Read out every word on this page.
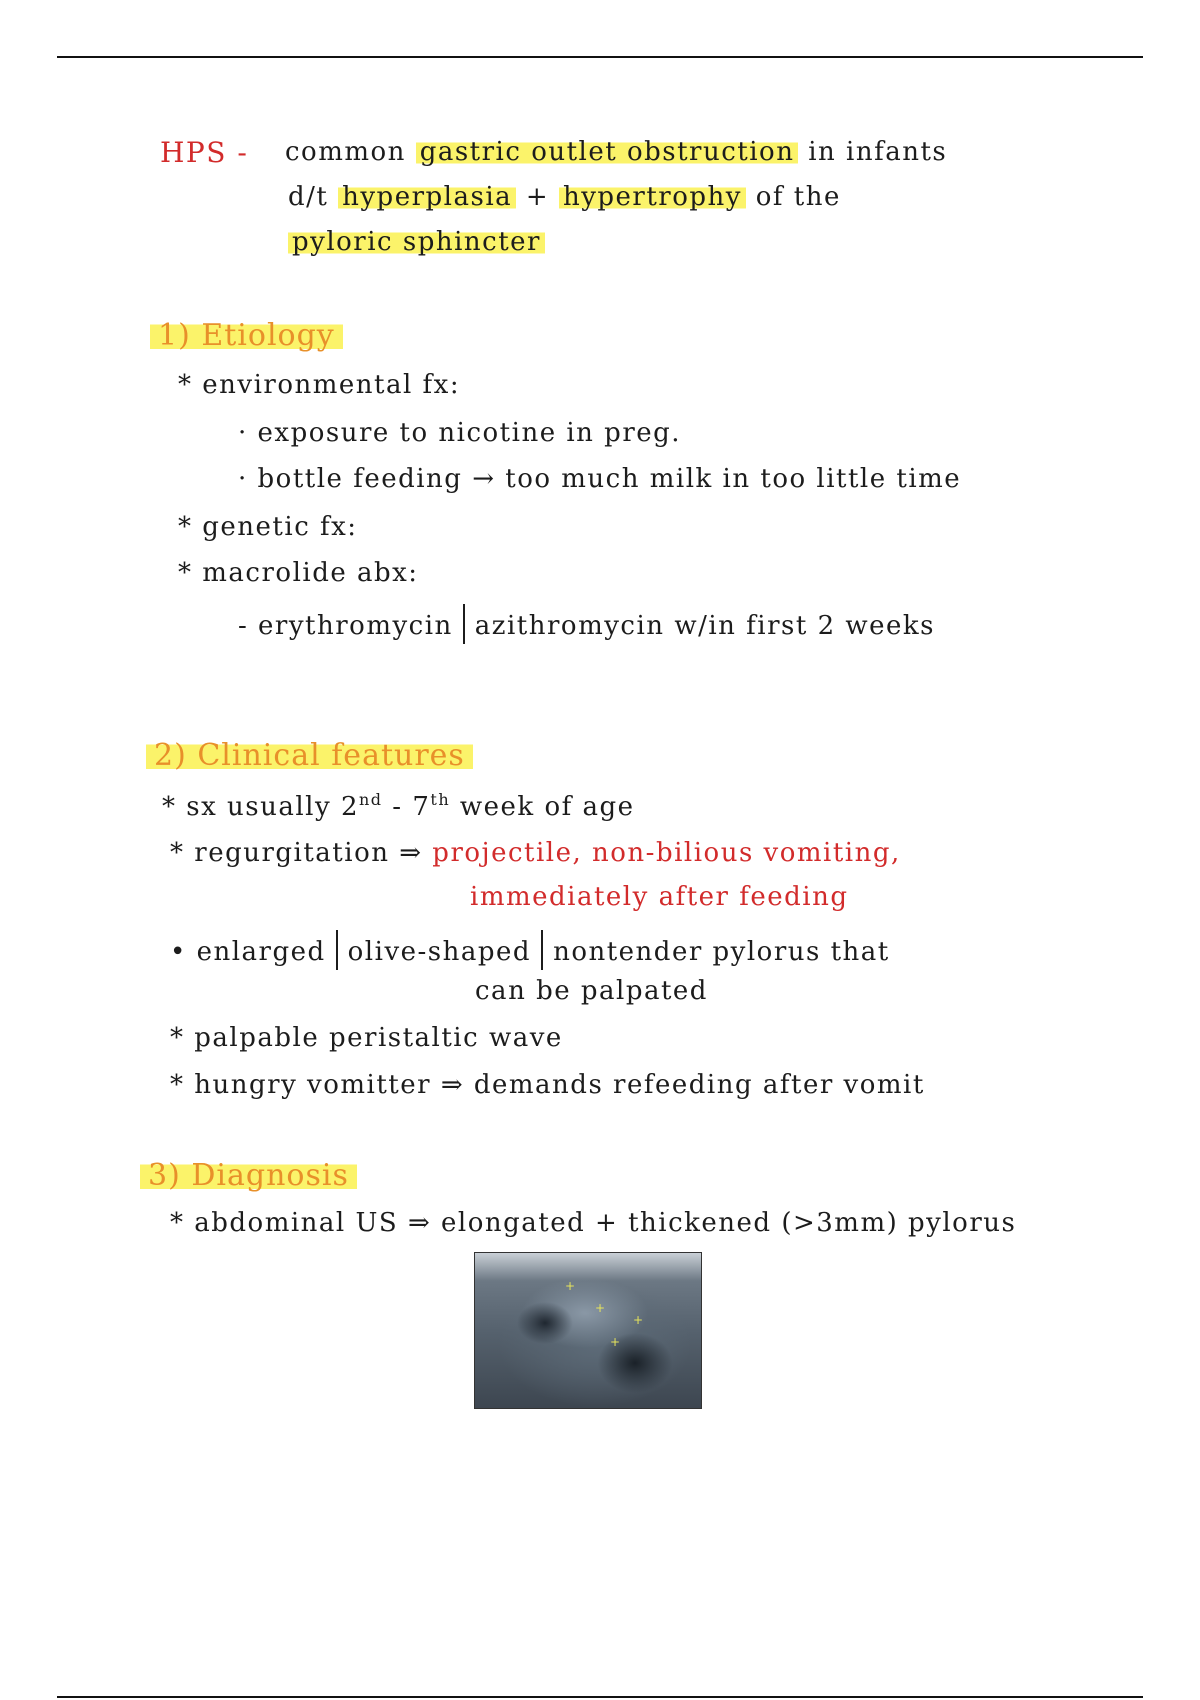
HPS - common gastric outlet obstruction in infants
d/t hyperplasia + hypertrophy of the
pyloric sphincter
1) Etiology
* environmental fx:
· exposure to nicotine in preg.
· bottle feeding → too much milk in too little time
* genetic fx:
* macrolide abx:
- erythromycin azithromycin w/in first 2 weeks
2) Clinical features
* sx usually 2nd - 7th week of age
* regurgitation ⇒ projectile, non-bilious vomiting,
immediately after feeding
• enlarged olive-shaped nontender pylorus that
can be palpated
* palpable peristaltic wave
* hungry vomitter ⇒ demands refeeding after vomit
3) Diagnosis
* abdominal US ⇒ elongated + thickened (>3mm) pylorus
+
+
+
+
